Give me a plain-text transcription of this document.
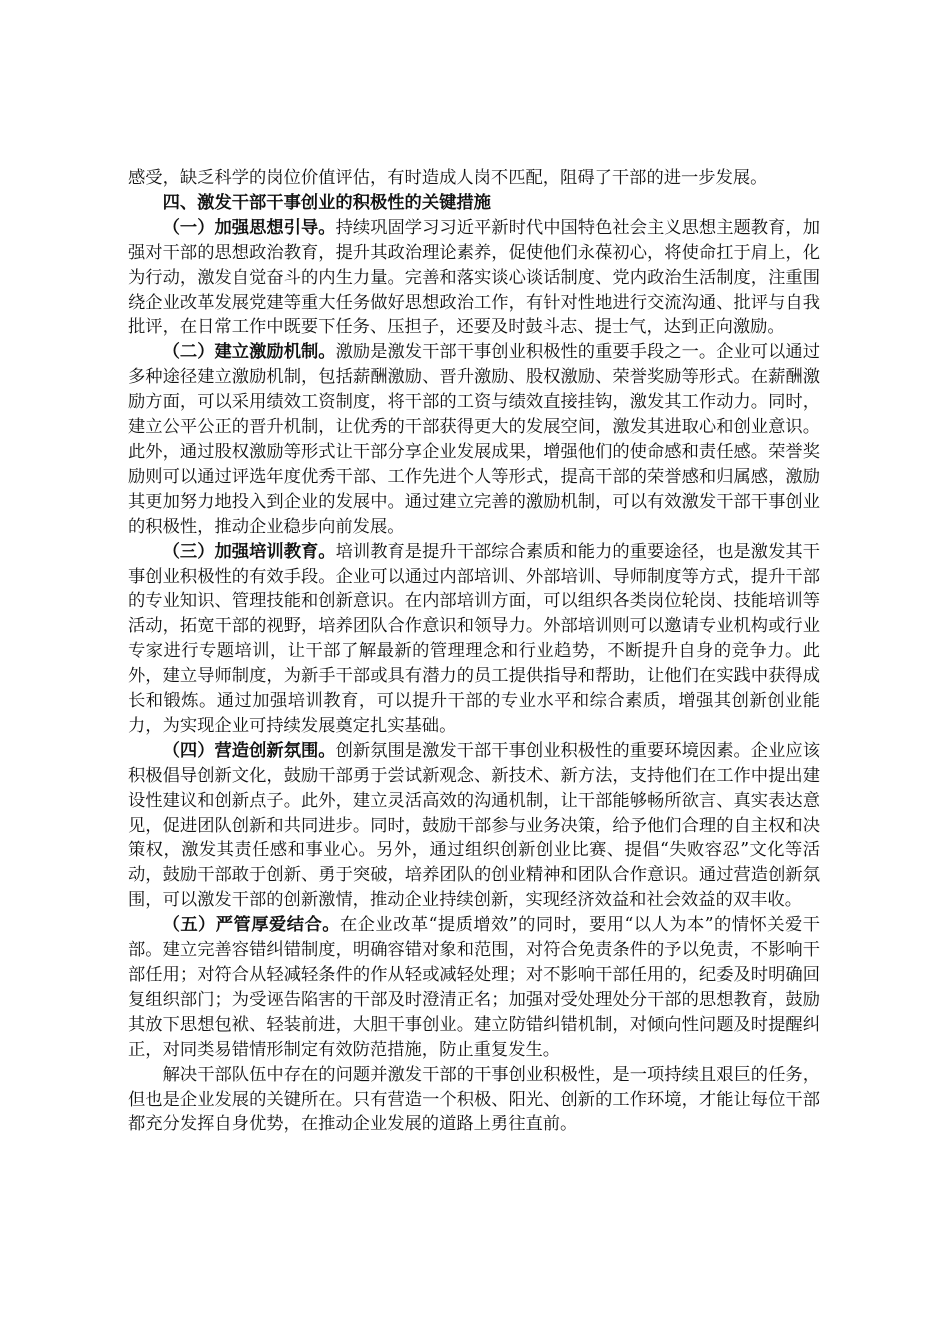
感受，缺乏科学的岗位价值评估，有时造成人岗不匹配，阻碍了干部的进一步发展。

四、激发干部干事创业的积极性的关键措施

（一）加强思想引导。持续巩固学习习近平新时代中国特色社会主义思想主题教育，加强对干部的思想政治教育，提升其政治理论素养，促使他们永葆初心，将使命扛于肩上，化为行动，激发自觉奋斗的内生力量。完善和落实谈心谈话制度、党内政治生活制度，注重围绕企业改革发展党建等重大任务做好思想政治工作，有针对性地进行交流沟通、批评与自我批评，在日常工作中既要下任务、压担子，还要及时鼓斗志、提士气，达到正向激励。

（二）建立激励机制。激励是激发干部干事创业积极性的重要手段之一。企业可以通过多种途径建立激励机制，包括薪酬激励、晋升激励、股权激励、荣誉奖励等形式。在薪酬激励方面，可以采用绩效工资制度，将干部的工资与绩效直接挂钩，激发其工作动力。同时，建立公平公正的晋升机制，让优秀的干部获得更大的发展空间，激发其进取心和创业意识。此外，通过股权激励等形式让干部分享企业发展成果，增强他们的使命感和责任感。荣誉奖励则可以通过评选年度优秀干部、工作先进个人等形式，提高干部的荣誉感和归属感，激励其更加努力地投入到企业的发展中。通过建立完善的激励机制，可以有效激发干部干事创业的积极性，推动企业稳步向前发展。

（三）加强培训教育。培训教育是提升干部综合素质和能力的重要途径，也是激发其干事创业积极性的有效手段。企业可以通过内部培训、外部培训、导师制度等方式，提升干部的专业知识、管理技能和创新意识。在内部培训方面，可以组织各类岗位轮岗、技能培训等活动，拓宽干部的视野，培养团队合作意识和领导力。外部培训则可以邀请专业机构或行业专家进行专题培训，让干部了解最新的管理理念和行业趋势，不断提升自身的竞争力。此外，建立导师制度，为新手干部或具有潜力的员工提供指导和帮助，让他们在实践中获得成长和锻炼。通过加强培训教育，可以提升干部的专业水平和综合素质，增强其创新创业能力，为实现企业可持续发展奠定扎实基础。

（四）营造创新氛围。创新氛围是激发干部干事创业积极性的重要环境因素。企业应该积极倡导创新文化，鼓励干部勇于尝试新观念、新技术、新方法，支持他们在工作中提出建设性建议和创新点子。此外，建立灵活高效的沟通机制，让干部能够畅所欲言、真实表达意见，促进团队创新和共同进步。同时，鼓励干部参与业务决策，给予他们合理的自主权和决策权，激发其责任感和事业心。另外，通过组织创新创业比赛、提倡“失败容忍”文化等活动，鼓励干部敢于创新、勇于突破，培养团队的创业精神和团队合作意识。通过营造创新氛围，可以激发干部的创新激情，推动企业持续创新，实现经济效益和社会效益的双丰收。

（五）严管厚爱结合。在企业改革“提质增效”的同时，要用“以人为本”的情怀关爱干部。建立完善容错纠错制度，明确容错对象和范围，对符合免责条件的予以免责，不影响干部任用；对符合从轻减轻条件的作从轻或减轻处理；对不影响干部任用的，纪委及时明确回复组织部门；为受诬告陷害的干部及时澄清正名；加强对受处理处分干部的思想教育，鼓励其放下思想包袱、轻装前进，大胆干事创业。建立防错纠错机制，对倾向性问题及时提醒纠正，对同类易错情形制定有效防范措施，防止重复发生。

解决干部队伍中存在的问题并激发干部的干事创业积极性，是一项持续且艰巨的任务，但也是企业发展的关键所在。只有营造一个积极、阳光、创新的工作环境，才能让每位干部都充分发挥自身优势，在推动企业发展的道路上勇往直前。
